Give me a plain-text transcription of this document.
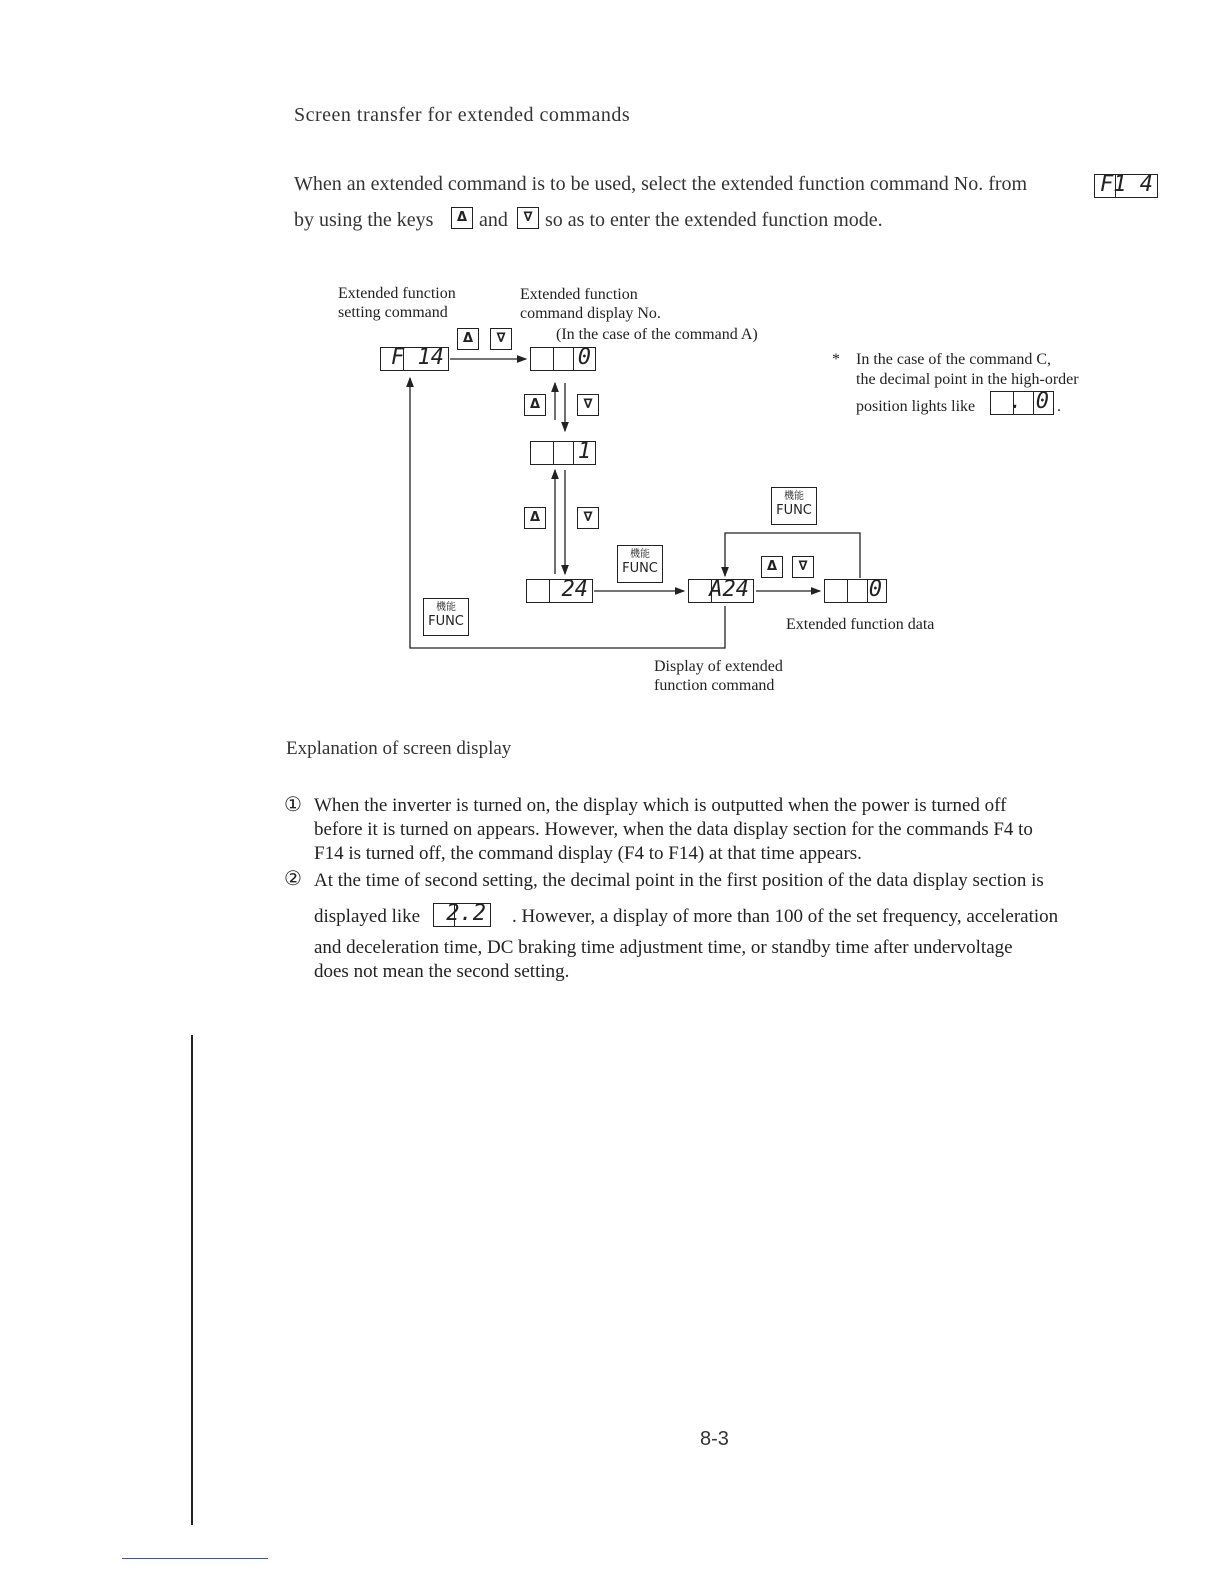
Screen transfer for extended commands
When an extended command is to be used, select the extended function command No. from	F1 4
by using the keys	Δ and	∇ so as to enter the extended function mode.
Extended function
setting command
Extended function
command display No.
(In the case of the command A)
Δ	∇
F 14	0	* In the case of the command C,
the decimal point in the high-order
position lights like . 0 .
Δ	∇
1
機能
FUNC
Δ	∇
機能
FUNC	Δ	∇
24	A24	0
機能
FUNC	Extended function data
Display of extended
function command
Explanation of screen display
① When the inverter is turned on, the display which is outputted when the power is turned off
before it is turned on appears. However, when the data display section for the commands F4 to
F14 is turned off, the command display (F4 to F14) at that time appears.
② At the time of second setting, the decimal point in the first position of the data display section is
displayed like 2.2 . However, a display of more than 100 of the set frequency, acceleration
and deceleration time, DC braking time adjustment time, or standby time after undervoltage
does not mean the second setting.
8-3
